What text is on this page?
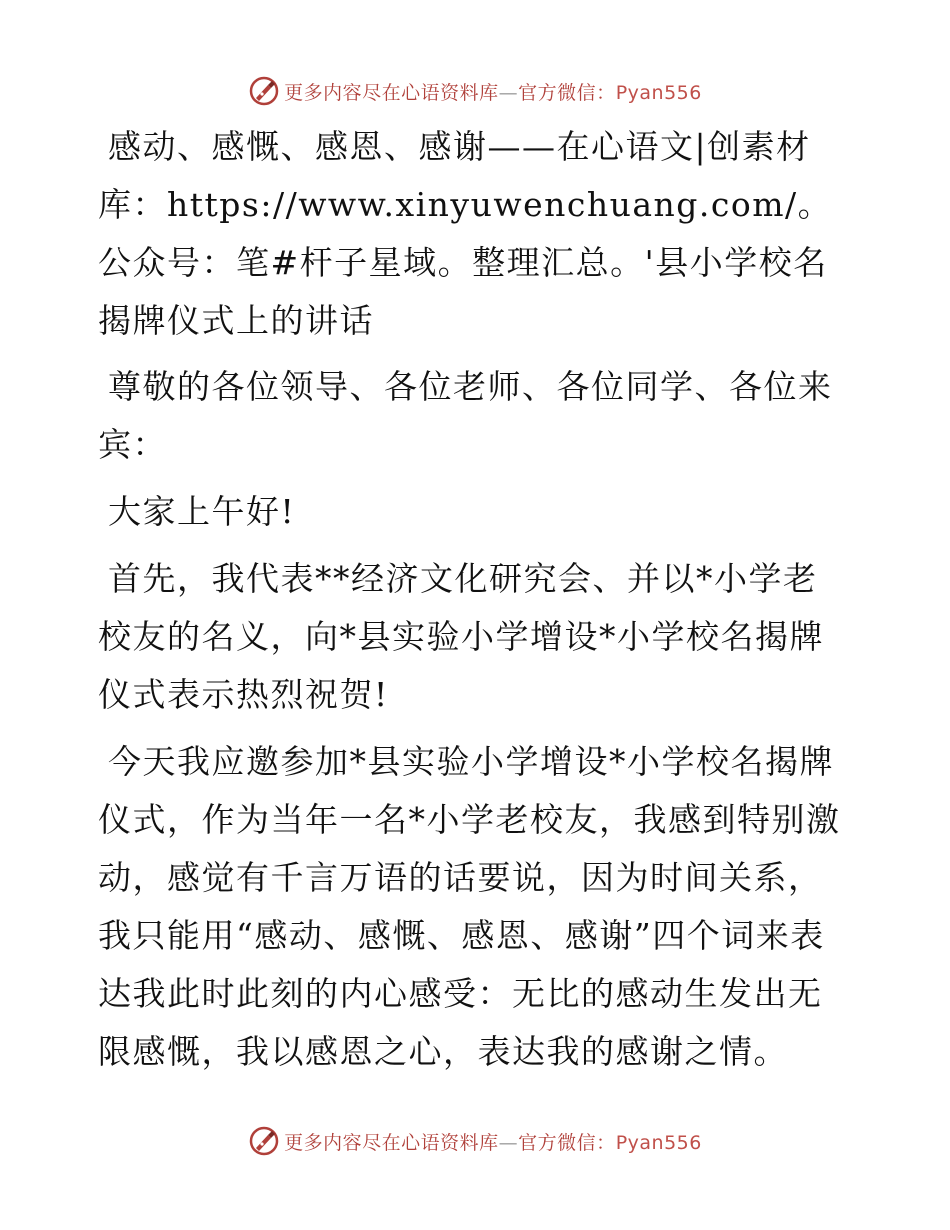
更多内容尽在心语资料库—官方微信：Pyan556

感动、感慨、感恩、感谢——在心语文|创素材库：https://www.xinyuwenchuang.com/。公众号：笔#杆子星域。整理汇总。'县小学校名揭牌仪式上的讲话

尊敬的各位领导、各位老师、各位同学、各位来宾：

大家上午好!

首先，我代表**经济文化研究会、并以*小学老校友的名义，向*县实验小学增设*小学校名揭牌仪式表示热烈祝贺!

今天我应邀参加*县实验小学增设*小学校名揭牌仪式，作为当年一名*小学老校友，我感到特别激动，感觉有千言万语的话要说，因为时间关系，我只能用“感动、感慨、感恩、感谢”四个词来表达我此时此刻的内心感受：无比的感动生发出无限感慨，我以感恩之心，表达我的感谢之情。

更多内容尽在心语资料库—官方微信：Pyan556
